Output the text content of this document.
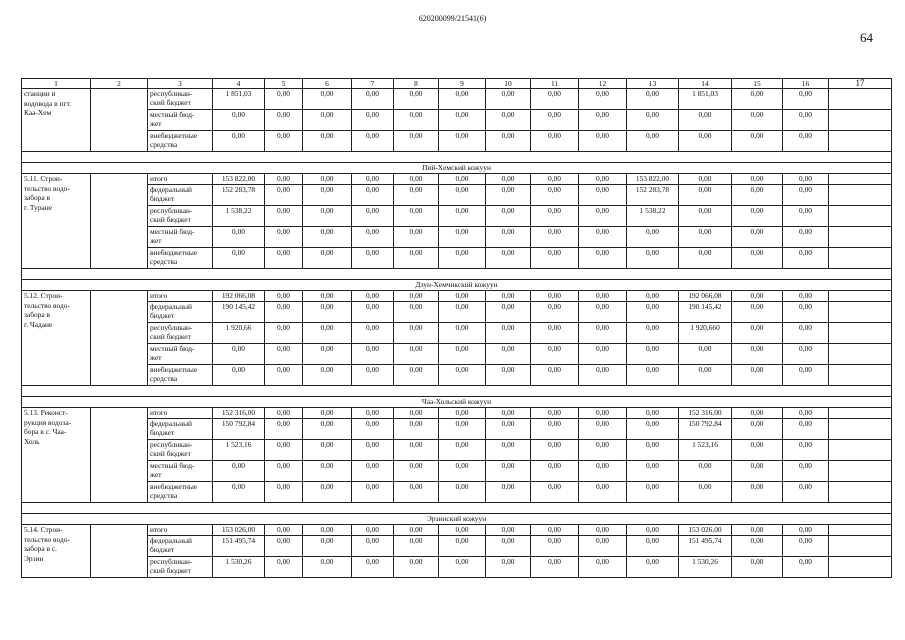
620200099/21541(6)
64
1	2	3	4	5	6	7	8	9	10	11	12	13	14	15	16	17
станции и
водовода в пгт.
Каа-Хем		республикан-
ский бюджет	1 851,03	0,00	0,00	0,00	0,00	0,00	0,00	0,00	0,00	0,00	1 851,03	0,00	0,00	
		местный бюд-
жет	0,00	0,00	0,00	0,00	0,00	0,00	0,00	0,00	0,00	0,00	0,00	0,00	0,00	
		внебюджетные
средства	0,00	0,00	0,00	0,00	0,00	0,00	0,00	0,00	0,00	0,00	0,00	0,00	0,00	

Пий-Хемский кожуун																
5.11. Строи-
тельство водо-
забора в
г. Туране		итого	153 822,00	0,00	0,00	0,00	0,00	0,00	0,00	0,00	0,00	153 822,00	0,00	0,00	0,00	
		федеральный
бюджет	152 283,78	0,00	0,00	0,00	0,00	0,00	0,00	0,00	0,00	152 283,78	0,00	0,00	0,00	
		республикан-
ский бюджет	1 538,22	0,00	0,00	0,00	0,00	0,00	0,00	0,00	0,00	1 538,22	0,00	0,00	0,00	
		местный бюд-
жет	0,00	0,00	0,00	0,00	0,00	0,00	0,00	0,00	0,00	0,00	0,00	0,00	0,00	
		внебюджетные
средства	0,00	0,00	0,00	0,00	0,00	0,00	0,00	0,00	0,00	0,00	0,00	0,00	0,00	

Дзун-Хемчикский кожуун																
5.12. Строи-
тельство водо-
забора в
г. Чадане		итого	192 066,08	0,00	0,00	0,00	0,00	0,00	0,00	0,00	0,00	0,00	192 066,08	0,00	0,00	
		федеральный
бюджет	190 145,42	0,00	0,00	0,00	0,00	0,00	0,00	0,00	0,00	0,00	190 145,42	0,00	0,00	
		республикан-
ский бюджет	1 920,66	0,00	0,00	0,00	0,00	0,00	0,00	0,00	0,00	0,00	1 920,660	0,00	0,00	
		местный бюд-
жет	0,00	0,00	0,00	0,00	0,00	0,00	0,00	0,00	0,00	0,00	0,00	0,00	0,00	
		внебюджетные
средства	0,00	0,00	0,00	0,00	0,00	0,00	0,00	0,00	0,00	0,00	0,00	0,00	0,00	

Чаа-Хольский кожуун																
5.13. Реконст-
рукция водоза-
бора в с. Чаа-
Холь		итого	152 316,00	0,00	0,00	0,00	0,00	0,00	0,00	0,00	0,00	0,00	152 316,00	0,00	0,00	
		федеральный
бюджет	150 792,84	0,00	0,00	0,00	0,00	0,00	0,00	0,00	0,00	0,00	150 792,84	0,00	0,00	
		республикан-
ский бюджет	1 523,16	0,00	0,00	0,00	0,00	0,00	0,00	0,00	0,00	0,00	1 523,16	0,00	0,00	
		местный бюд-
жет	0,00	0,00	0,00	0,00	0,00	0,00	0,00	0,00	0,00	0,00	0,00	0,00	0,00	
		внебюджетные
средства	0,00	0,00	0,00	0,00	0,00	0,00	0,00	0,00	0,00	0,00	0,00	0,00	0,00	

Эрзинский кожуун																
5.14. Строи-
тельство водо-
забора в с.
Эрзин		итого	153 026,00	0,00	0,00	0,00	0,00	0,00	0,00	0,00	0,00	0,00	153 026,00	0,00	0,00	
		федеральный
бюджет	151 495,74	0,00	0,00	0,00	0,00	0,00	0,00	0,00	0,00	0,00	151 495,74	0,00	0,00	
		республикан-
ский бюджет	1 530,26	0,00	0,00	0,00	0,00	0,00	0,00	0,00	0,00	0,00	1 530,26	0,00	0,00	
